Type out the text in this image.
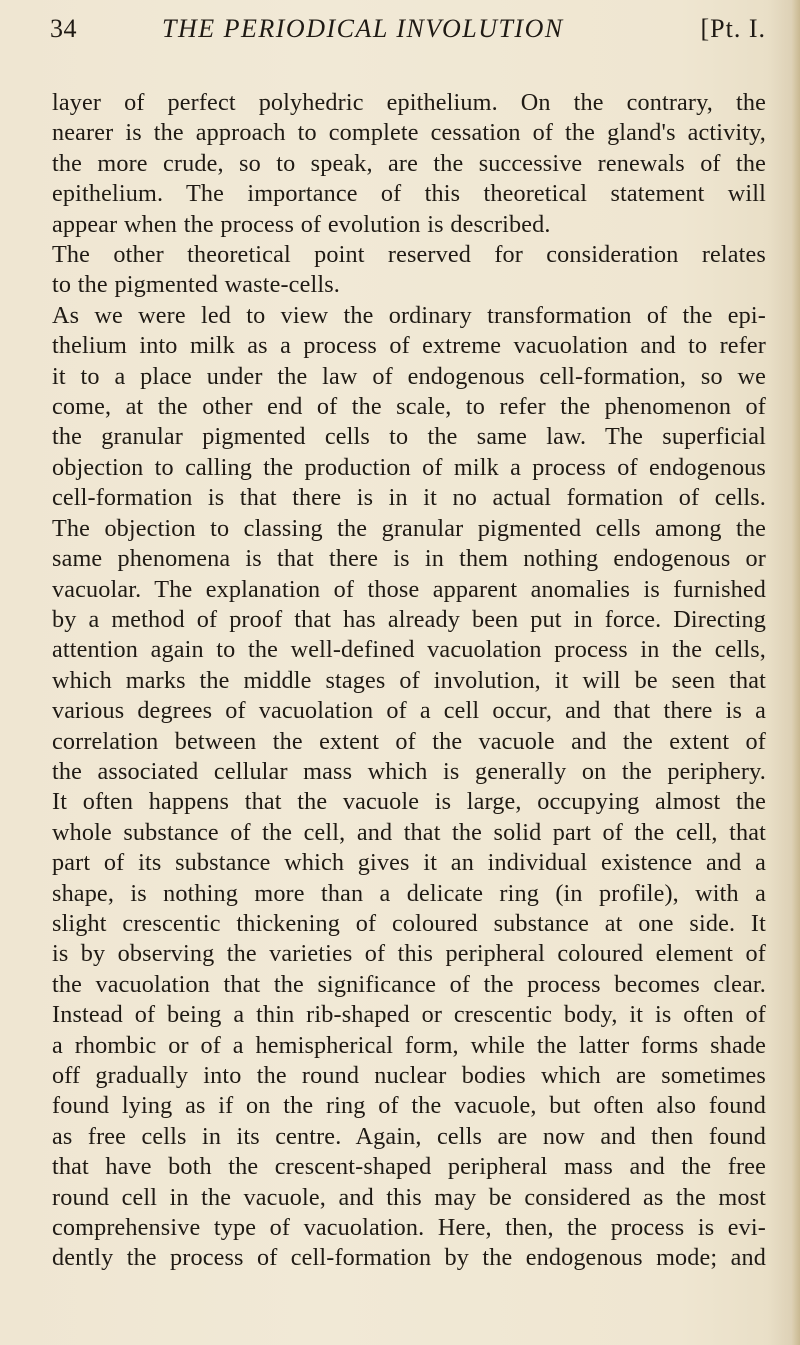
34	THE PERIODICAL INVOLUTION	[Pt. I.
layer of perfect polyhedric epithelium. On the contrary, the
nearer is the approach to complete cessation of the gland's activity,
the more crude, so to speak, are the successive renewals of the
epithelium. The importance of this theoretical statement will
appear when the process of evolution is described.
The other theoretical point reserved for consideration relates
to the pigmented waste-cells.
As we were led to view the ordinary transformation of the epi-
thelium into milk as a process of extreme vacuolation and to refer
it to a place under the law of endogenous cell-formation, so we
come, at the other end of the scale, to refer the phenomenon of
the granular pigmented cells to the same law. The superficial
objection to calling the production of milk a process of endogenous
cell-formation is that there is in it no actual formation of cells.
The objection to classing the granular pigmented cells among the
same phenomena is that there is in them nothing endogenous or
vacuolar. The explanation of those apparent anomalies is furnished
by a method of proof that has already been put in force. Directing
attention again to the well-defined vacuolation process in the cells,
which marks the middle stages of involution, it will be seen that
various degrees of vacuolation of a cell occur, and that there is a
correlation between the extent of the vacuole and the extent of
the associated cellular mass which is generally on the periphery.
It often happens that the vacuole is large, occupying almost the
whole substance of the cell, and that the solid part of the cell, that
part of its substance which gives it an individual existence and a
shape, is nothing more than a delicate ring (in profile), with a
slight crescentic thickening of coloured substance at one side. It
is by observing the varieties of this peripheral coloured element of
the vacuolation that the significance of the process becomes clear.
Instead of being a thin rib-shaped or crescentic body, it is often of
a rhombic or of a hemispherical form, while the latter forms shade
off gradually into the round nuclear bodies which are sometimes
found lying as if on the ring of the vacuole, but often also found
as free cells in its centre. Again, cells are now and then found
that have both the crescent-shaped peripheral mass and the free
round cell in the vacuole, and this may be considered as the most
comprehensive type of vacuolation. Here, then, the process is evi-
dently the process of cell-formation by the endogenous mode; and
